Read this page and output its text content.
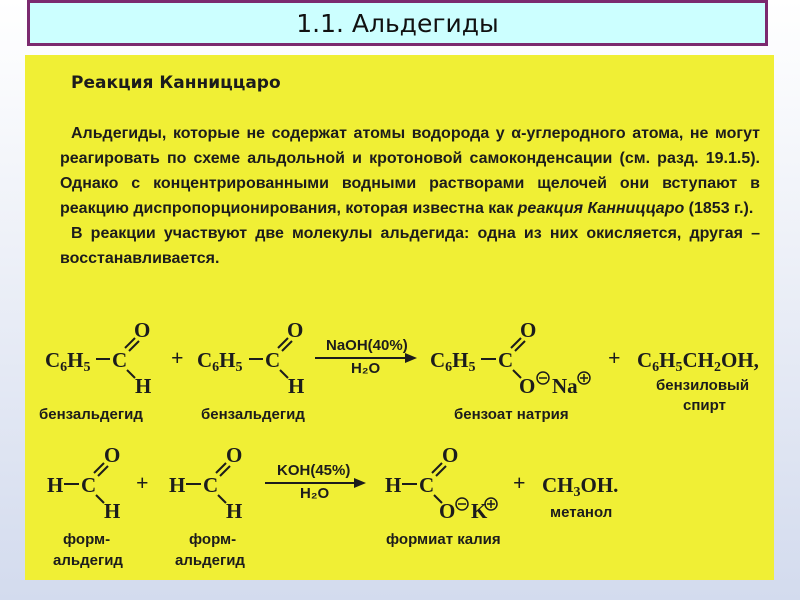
1.1. Альдегиды
Реакция Канниццаро
Альдегиды, которые не содержат атомы водорода у α-углеродного атома, не могут реагировать по схеме альдольной и кротоновой самоконденсации (см. разд. 19.1.5). Однако с концентрированными водными растворами щелочей они вступают в реакцию диспропорционирования, которая известна как реакция Канниццаро (1853 г.).
В реакции участвуют две молекулы альдегида: одна из них окисляется, другая – восстанавливается.
C6H5 C
O
H
+ C6H5 C
O
H
NaOH(40%)
H₂O C6H5 C
O
O Na
+ C6H5CH2OH,
бензальдегид	бензальдегид	бензоат натрия
бензиловый
спирт
H C
O
H
+ H C
O
H
KOH(45%)
H₂O	H C
O
O K
+ CH3OH.
форм-
альдегид
форм-
альдегид
формиат калия
метанол
